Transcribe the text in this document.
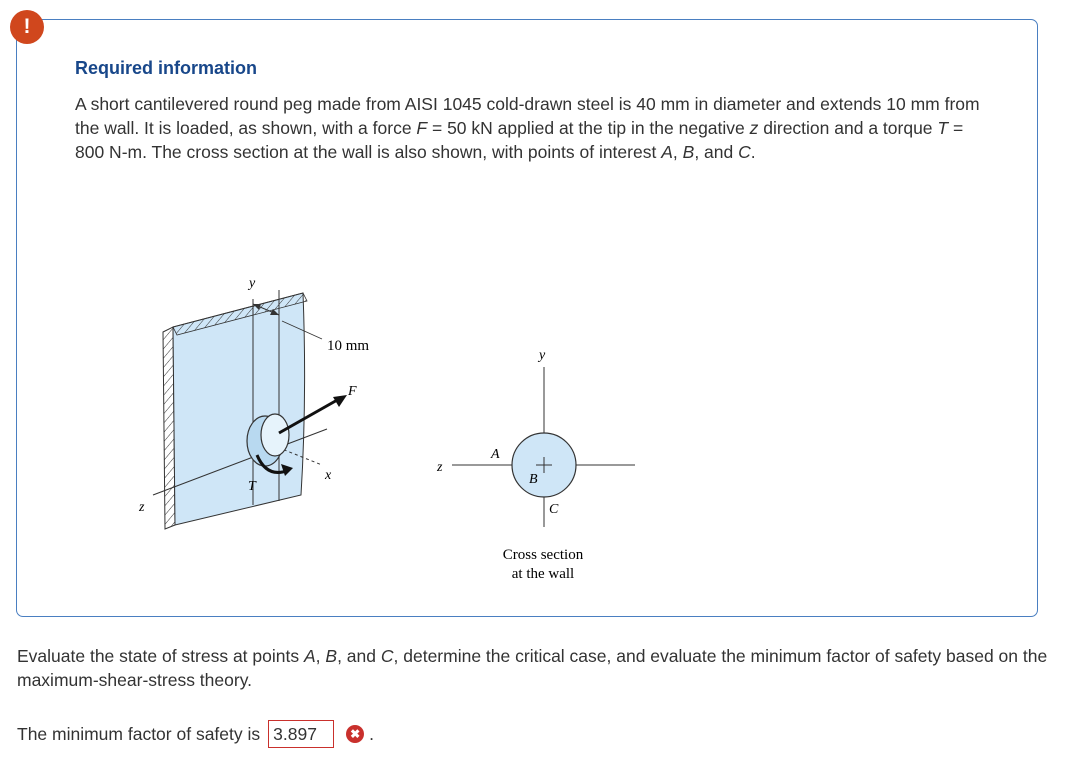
!
Required information

A short cantilevered round peg made from AISI 1045 cold-drawn steel is 40 mm in diameter and extends 10 mm from the wall. It is loaded, as shown, with a force F = 50 kN applied at the tip in the negative z direction and a torque T = 800 N-m. The cross section at the wall is also shown, with points of interest A, B, and C.

y
10 mm
F
x
T
z
z
y
A
B
C
Cross section
at the wall

Evaluate the state of stress at points A, B, and C, determine the critical case, and evaluate the minimum factor of safety based on the maximum-shear-stress theory.

The minimum factor of safety is 3.897	✖ .
